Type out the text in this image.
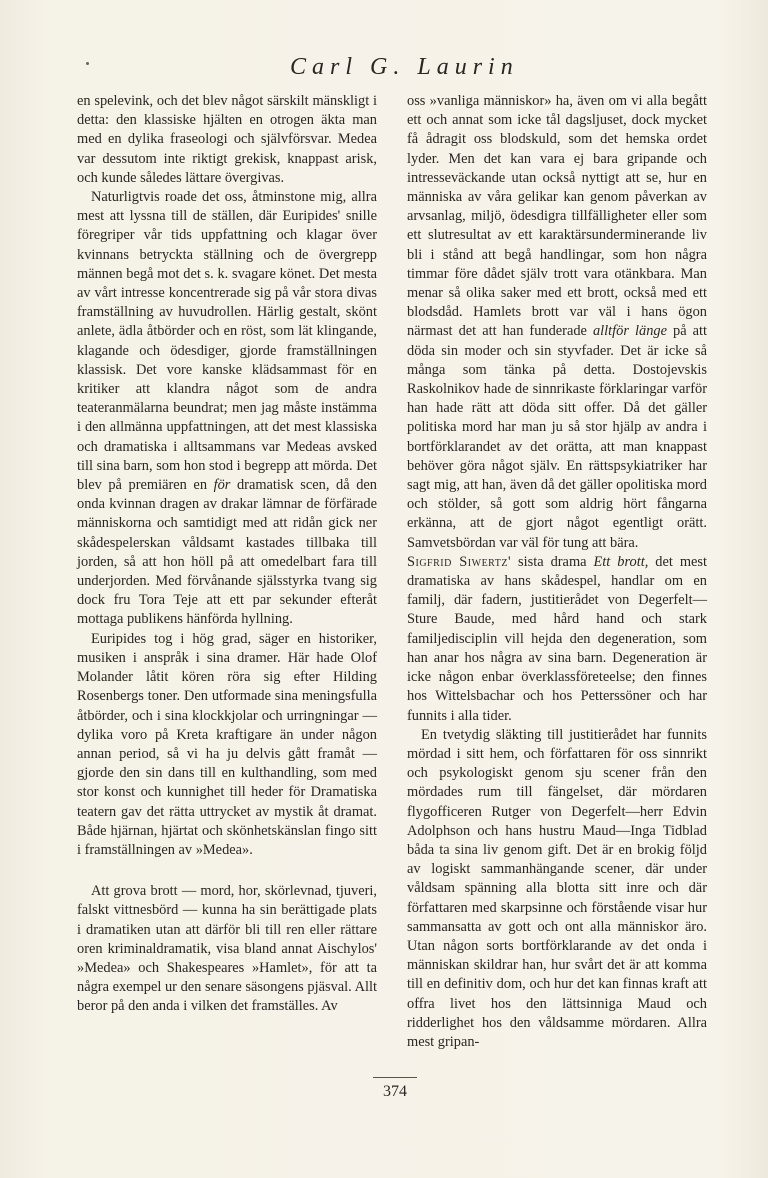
Carl G. Laurin

en spelevink, och det blev något särskilt mänskligt i detta: den klassiske hjälten en otrogen äkta man med en dylika fraseologi och självförsvar. Medea var dessutom inte riktigt grekisk, knappast arisk, och kunde således lättare övergivas.

Naturligtvis roade det oss, åtminstone mig, allra mest att lyssna till de ställen, där Euripides' snille föregriper vår tids uppfattning och klagar över kvinnans betryckta ställning och de övergrepp männen begå mot det s. k. svagare könet. Det mesta av vårt intresse koncentrerade sig på vår stora divas framställning av huvudrollen. Härlig gestalt, skönt anlete, ädla åtbörder och en röst, som lät klingande, klagande och ödesdiger, gjorde framställningen klassisk. Det vore kanske klädsammast för en kritiker att klandra något som de andra teateranmälarna beundrat; men jag måste instämma i den allmänna uppfattningen, att det mest klassiska och dramatiska i alltsammans var Medeas avsked till sina barn, som hon stod i begrepp att mörda. Det blev på premiären en för dramatisk scen, då den onda kvinnan dragen av drakar lämnar de förfärade människorna och samtidigt med att ridån gick ner skådespelerskan våldsamt kastades tillbaka till jorden, så att hon höll på att omedelbart fara till underjorden. Med förvånande själsstyrka tvang sig dock fru Tora Teje att ett par sekunder efteråt mottaga publikens hänförda hyllning.

Euripides tog i hög grad, säger en historiker, musiken i anspråk i sina dramer. Här hade Olof Molander låtit kören röra sig efter Hilding Rosenbergs toner. Den utformade sina meningsfulla åtbörder, och i sina klockkjolar och urringningar — dylika voro på Kreta kraftigare än under någon annan period, så vi ha ju delvis gått framåt — gjorde den sin dans till en kulthandling, som med stor konst och kunnighet till heder för Dramatiska teatern gav det rätta uttrycket av mystik åt dramat. Både hjärnan, hjärtat och skönhetskänslan fingo sitt i framställningen av »Medea».

Att grova brott — mord, hor, skörlevnad, tjuveri, falskt vittnesbörd — kunna ha sin berättigade plats i dramatiken utan att därför bli till ren eller rättare oren kriminaldramatik, visa bland annat Aischylos' »Medea» och Shakespeares »Hamlet», för att ta några exempel ur den senare säsongens pjäsval. Allt beror på den anda i vilken det framställes. Av

oss »vanliga människor» ha, även om vi alla begått ett och annat som icke tål dagsljuset, dock mycket få ådragit oss blodskuld, som det hemska ordet lyder. Men det kan vara ej bara gripande och intresseväckande utan också nyttigt att se, hur en människa av våra gelikar kan genom påverkan av arvsanlag, miljö, ödesdigra tillfälligheter eller som ett slutresultat av ett karaktärsunderminerande liv bli i stånd att begå handlingar, som hon några timmar före dådet själv trott vara otänkbara. Man menar så olika saker med ett brott, också med ett blodsdåd. Hamlets brott var väl i hans ögon närmast det att han funderade alltför länge på att döda sin moder och sin styvfader. Det är icke så många som tänka på detta. Dostojevskis Raskolnikov hade de sinnrikaste förklaringar varför han hade rätt att döda sitt offer. Då det gäller politiska mord har man ju så stor hjälp av andra i bortförklarandet av det orätta, att man knappast behöver göra något själv. En rättspsykiatriker har sagt mig, att han, även då det gäller opolitiska mord och stölder, så gott som aldrig hört fångarna erkänna, att de gjort något egentligt orätt. Samvetsbördan var väl för tung att bära.

Sigfrid Siwertz' sista drama Ett brott, det mest dramatiska av hans skådespel, handlar om en familj, där fadern, justitierådet von Degerfelt—Sture Baude, med hård hand och stark familjedisciplin vill hejda den degeneration, som han anar hos några av sina barn. Degeneration är icke någon enbar överklassföreteelse; den finnes hos Wittelsbachar och hos Petterssöner och har funnits i alla tider.

En tvetydig släkting till justitierådet har funnits mördad i sitt hem, och författaren för oss sinnrikt och psykologiskt genom sju scener från den mördades rum till fängelset, där mördaren flygofficeren Rutger von Degerfelt—herr Edvin Adolphson och hans hustru Maud—Inga Tidblad båda ta sina liv genom gift. Det är en brokig följd av logiskt sammanhängande scener, där under våldsam spänning alla blotta sitt inre och där författaren med skarpsinne och förstående visar hur sammansatta av gott och ont alla människor äro. Utan någon sorts bortförklarande av det onda i människan skildrar han, hur svårt det är att komma till en definitiv dom, och hur det kan finnas kraft att offra livet hos den lättsinniga Maud och ridderlighet hos den våldsamme mördaren. Allra mest gripan-

374
